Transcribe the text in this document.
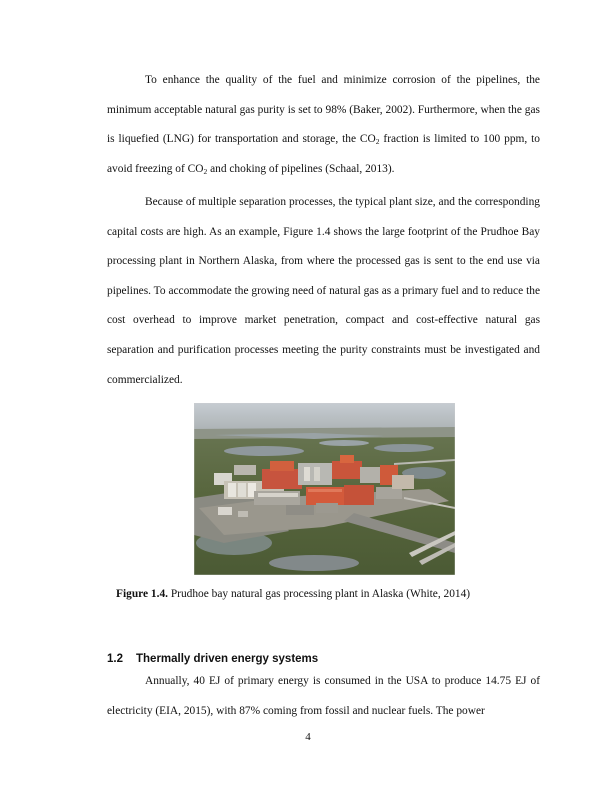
To enhance the quality of the fuel and minimize corrosion of the pipelines, the minimum acceptable natural gas purity is set to 98% (Baker, 2002). Furthermore, when the gas is liquefied (LNG) for transportation and storage, the $CO_2$ fraction is limited to 100 ppm, to avoid freezing of $CO_2$ and choking of pipelines (Schaal, 2013).

Because of multiple separation processes, the typical plant size, and the corresponding capital costs are high. As an example, Figure 1.4 shows the large footprint of the Prudhoe Bay processing plant in Northern Alaska, from where the processed gas is sent to the end use via pipelines. To accommodate the growing need of natural gas as a primary fuel and to reduce the cost overhead to improve market penetration, compact and cost-effective natural gas separation and purification processes meeting the purity constraints must be investigated and commercialized.

Figure 1.4. Prudhoe bay natural gas processing plant in Alaska (White, 2014)

1.2 Thermally driven energy systems

Annually, 40 EJ of primary energy is consumed in the USA to produce 14.75 EJ of electricity (EIA, 2015), with 87% coming from fossil and nuclear fuels. The power

4
